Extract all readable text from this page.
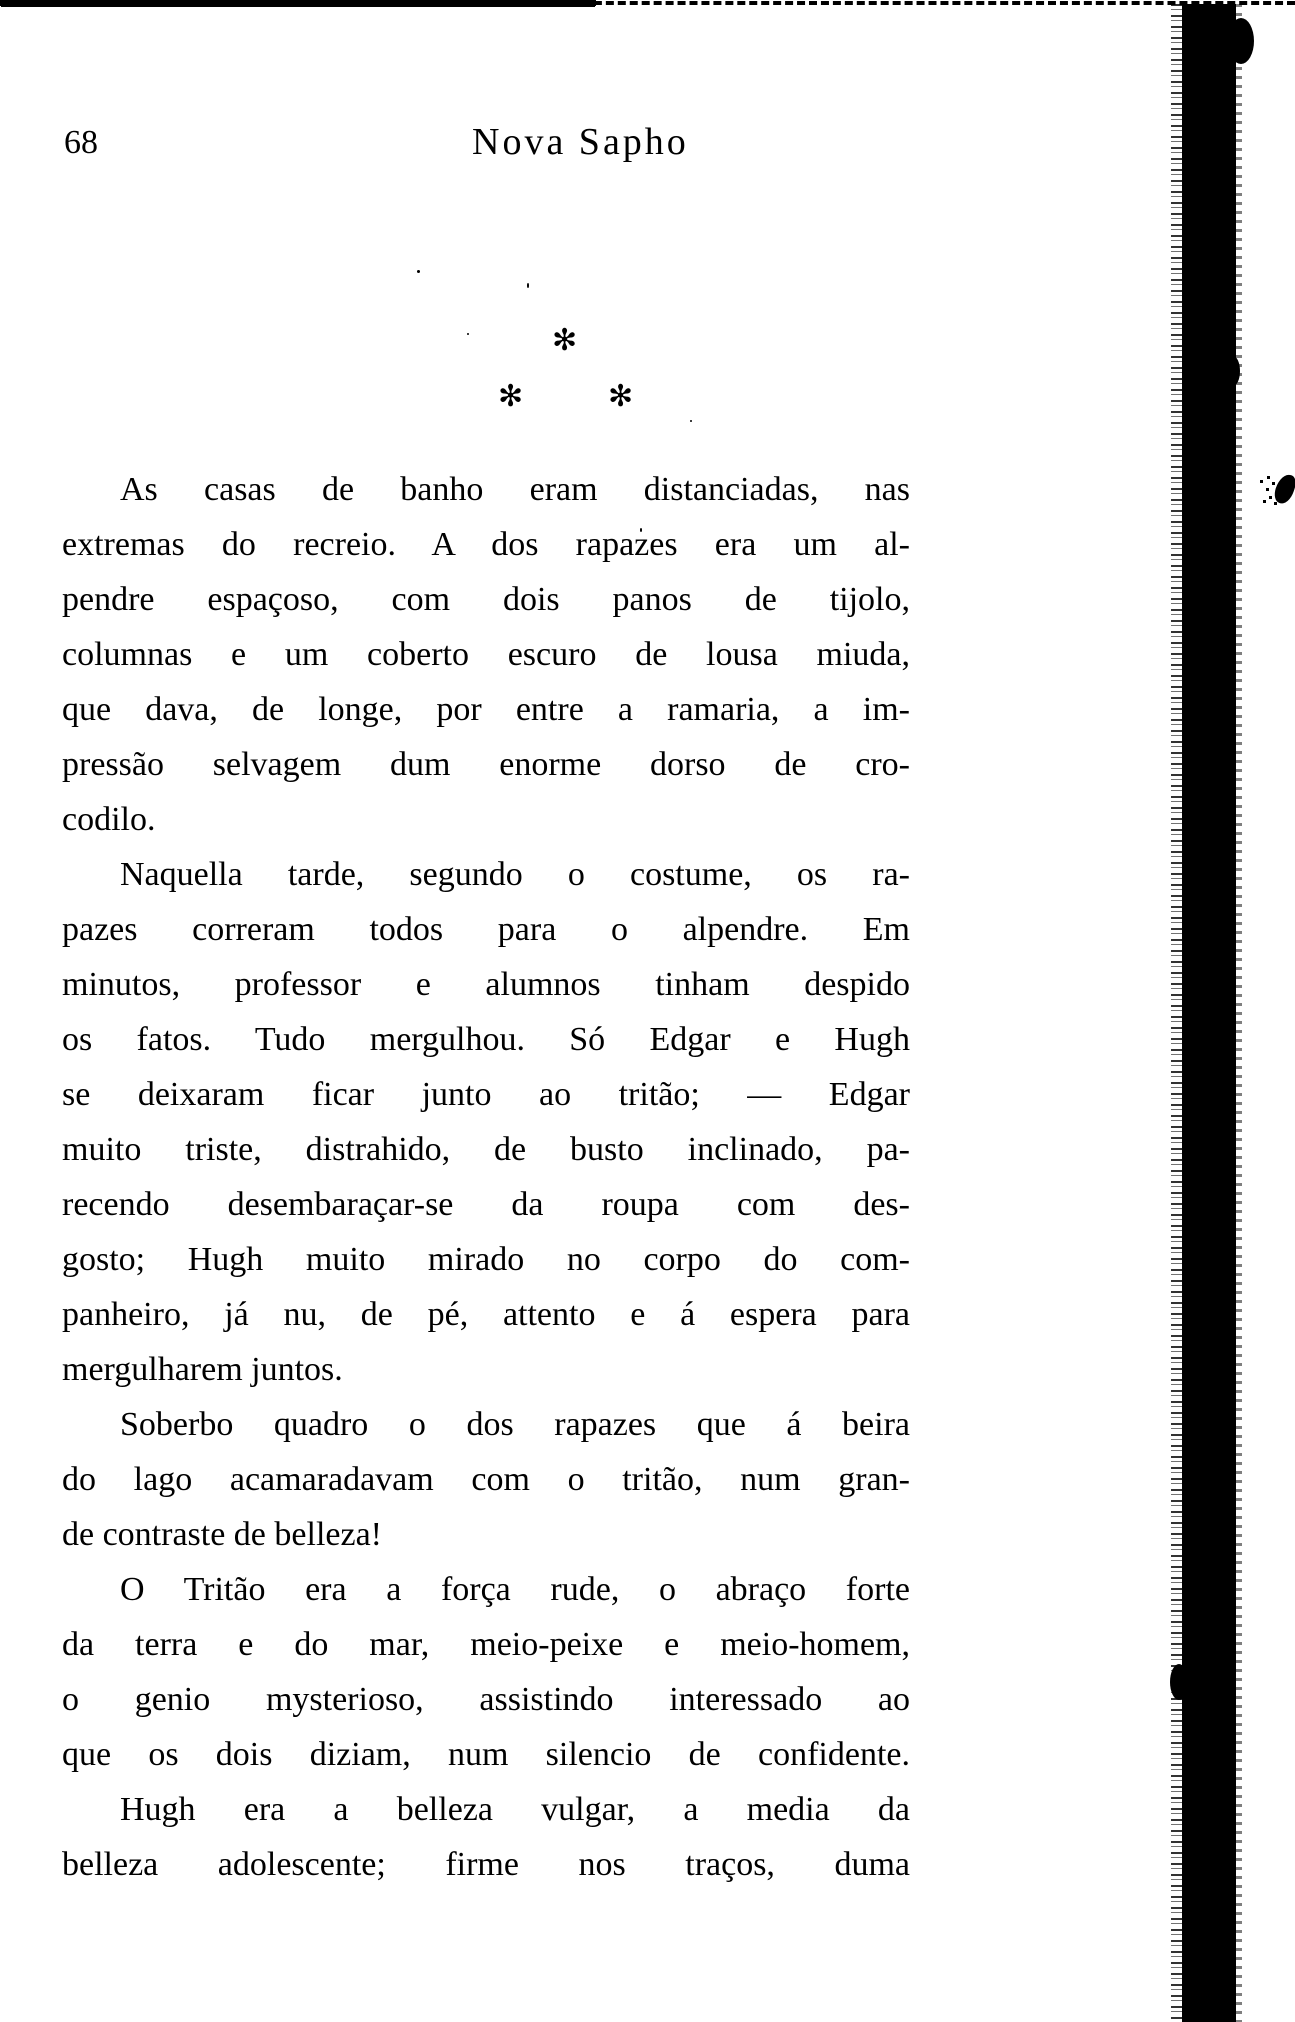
68	Nova Sapho
✻
✻	✻
As casas de banho eram distanciadas, nas
extremas do recreio. A dos rapazes era um al-
pendre espaçoso, com dois panos de tijolo,
columnas e um coberto escuro de lousa miuda,
que dava, de longe, por entre a ramaria, a im-
pressão selvagem dum enorme dorso de cro-
codilo.
Naquella tarde, segundo o costume, os ra-
pazes correram todos para o alpendre. Em
minutos, professor e alumnos tinham despido
os fatos. Tudo mergulhou. Só Edgar e Hugh
se deixaram ficar junto ao tritão; — Edgar
muito triste, distrahido, de busto inclinado, pa-
recendo desembaraçar-se da roupa com des-
gosto; Hugh muito mirado no corpo do com-
panheiro, já nu, de pé, attento e á espera para
mergulharem juntos.
Soberbo quadro o dos rapazes que á beira
do lago acamaradavam com o tritão, num gran-
de contraste de belleza!
O Tritão era a força rude, o abraço forte
da terra e do mar, meio-peixe e meio-homem,
o genio mysterioso, assistindo interessado ao
que os dois diziam, num silencio de confidente.
Hugh era a belleza vulgar, a media da
belleza adolescente; firme nos traços, duma
